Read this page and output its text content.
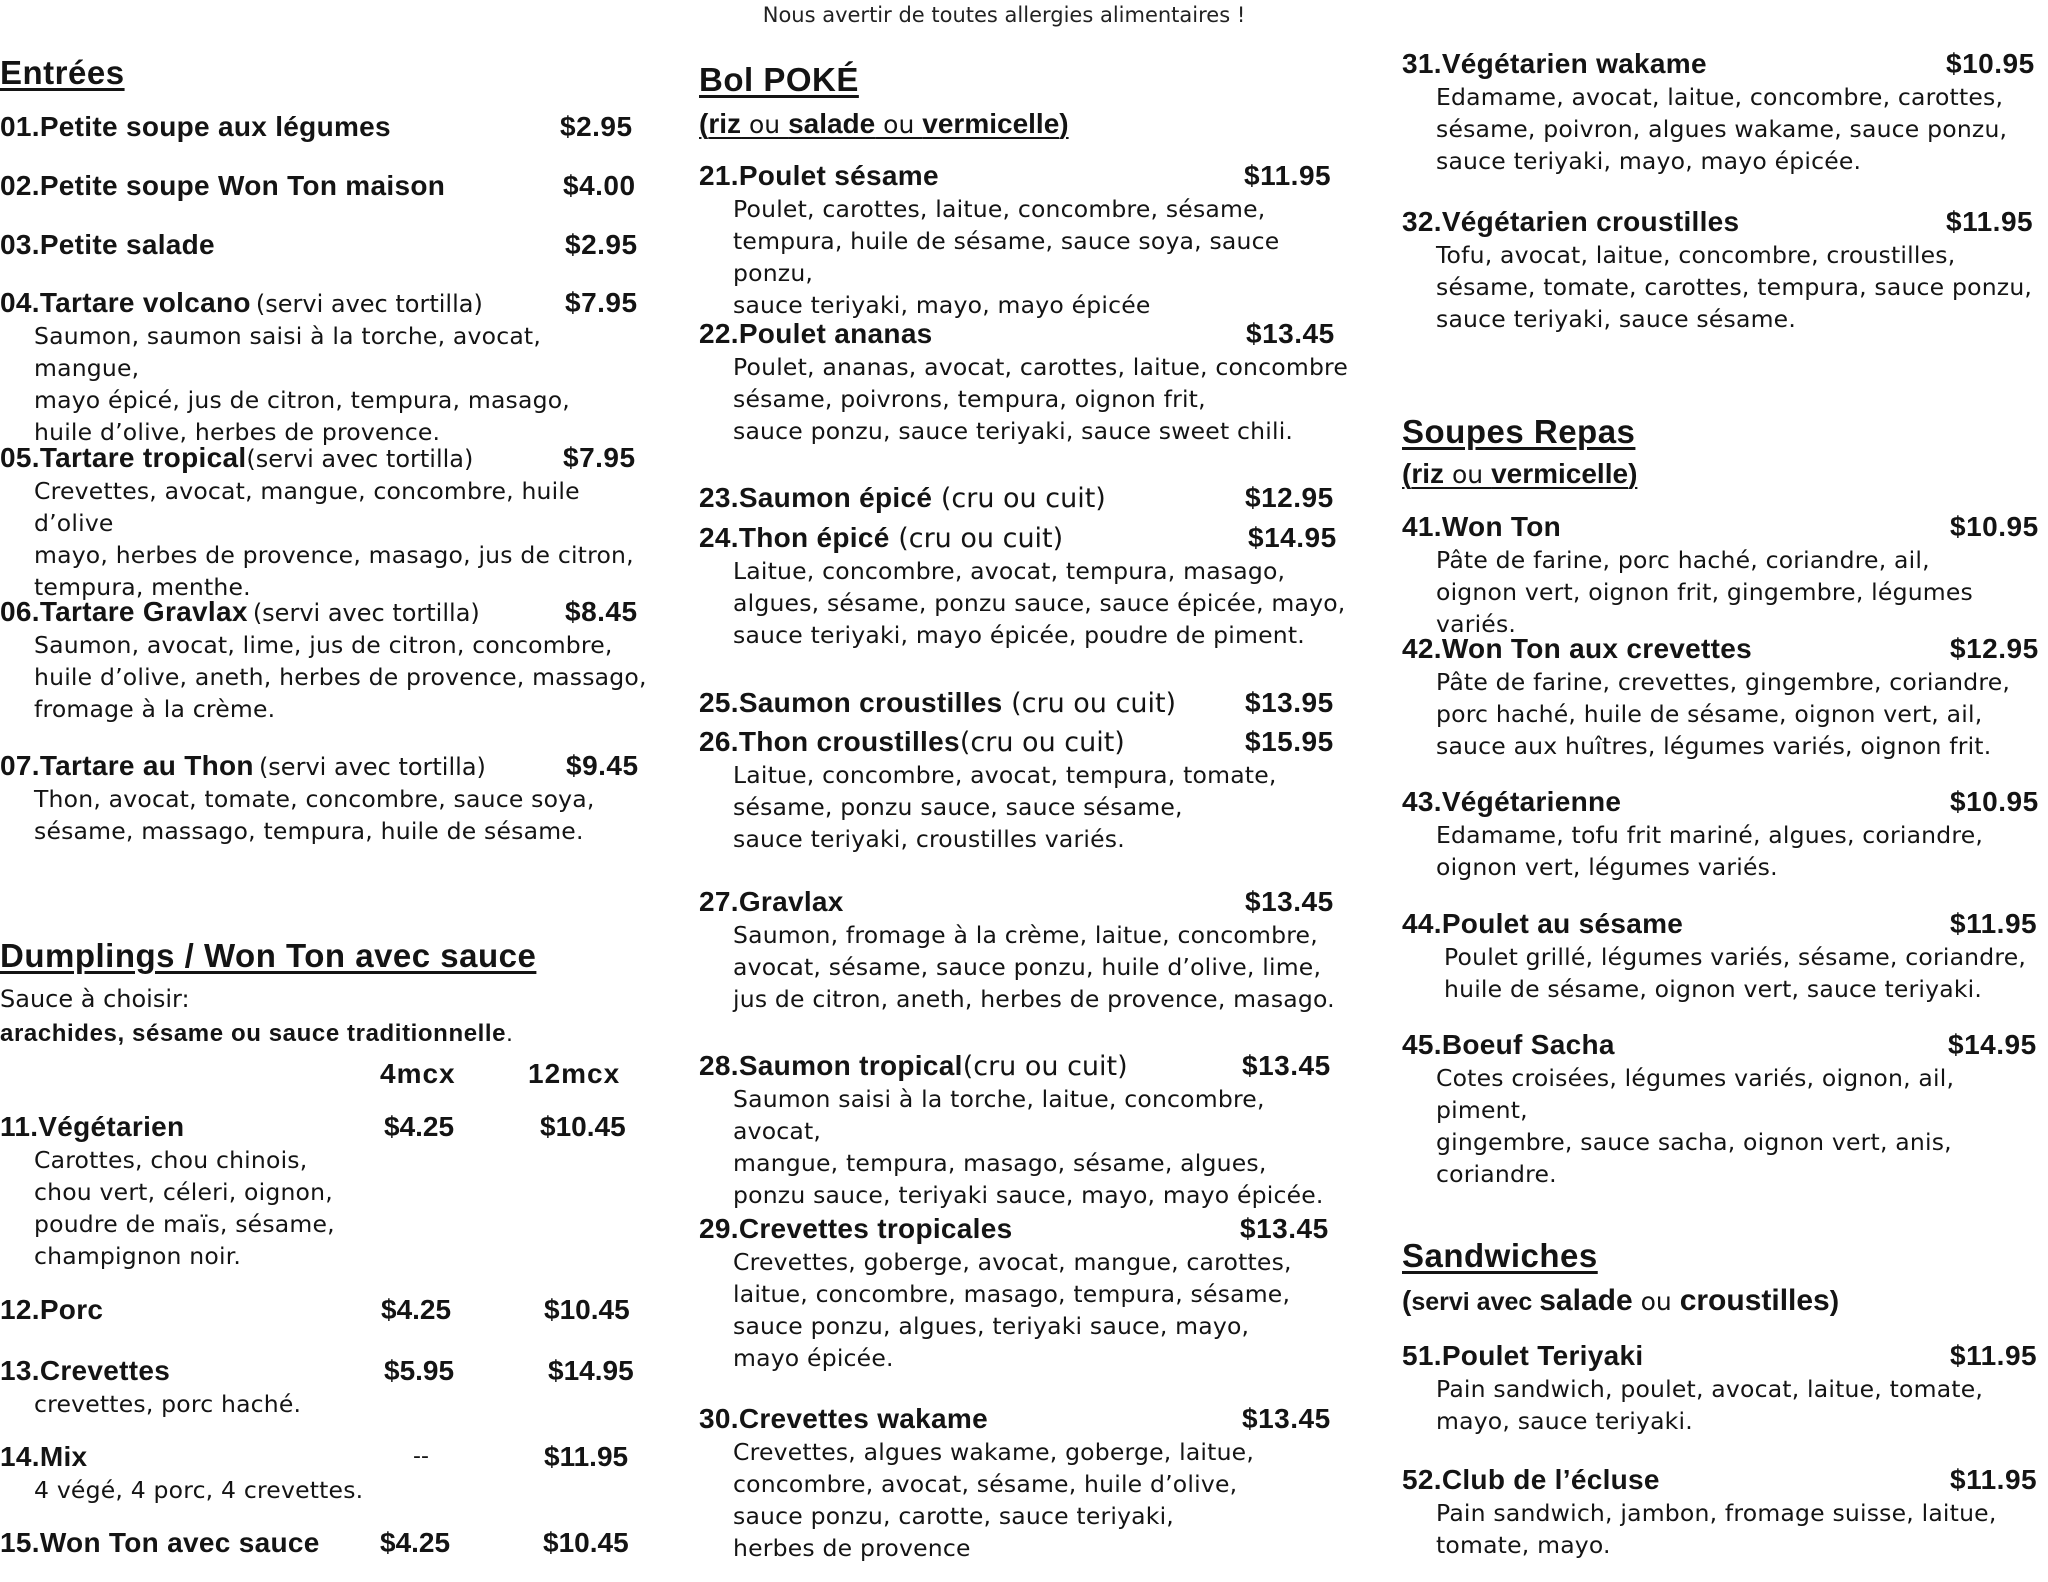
Nous avertir de toutes allergies alimentaires !
Entrées
01.Petite soupe aux légumes	$2.95
02.Petite soupe Won Ton maison	$4.00
03.Petite salade	$2.95
04.Tartare volcano (servi avec tortilla)	$7.95
Saumon, saumon saisi à la torche, avocat, mangue,
mayo épicé, jus de citron, tempura, masago,
huile d’olive, herbes de provence.
05.Tartare tropical(servi avec tortilla)	$7.95
Crevettes, avocat, mangue, concombre, huile d’olive
mayo, herbes de provence, masago, jus de citron,
tempura, menthe.
06.Tartare Gravlax (servi avec tortilla)	$8.45
Saumon, avocat, lime, jus de citron, concombre,
huile d’olive, aneth, herbes de provence, massago,
fromage à la crème.
07.Tartare au Thon (servi avec tortilla)	$9.45
Thon, avocat, tomate, concombre, sauce soya,
sésame, massago, tempura, huile de sésame.
Dumplings / Won Ton avec sauce
Sauce à choisir:
arachides, sésame ou sauce traditionnelle.
4mcx	12mcx
11.Végétarien	$4.25	$10.45
Carottes, chou chinois,
chou vert, céleri, oignon,
poudre de maïs, sésame,
champignon noir.
12.Porc	$4.25	$10.45
13.Crevettes	$5.95	$14.95
crevettes, porc haché.
14.Mix	--	$11.95
4 végé, 4 porc, 4 crevettes.
15.Won Ton avec sauce $4.25	$10.45
Bol POKÉ
(riz ou salade ou vermicelle)
21.Poulet sésame	$11.95
Poulet, carottes, laitue, concombre, sésame,
tempura, huile de sésame, sauce soya, sauce ponzu,
sauce teriyaki, mayo, mayo épicée
22.Poulet ananas	$13.45
Poulet, ananas, avocat, carottes, laitue, concombre
sésame, poivrons, tempura, oignon frit,
sauce ponzu, sauce teriyaki, sauce sweet chili.
23.Saumon épicé (cru ou cuit)	$12.95
24.Thon épicé (cru ou cuit)	$14.95
Laitue, concombre, avocat, tempura, masago,
algues, sésame, ponzu sauce, sauce épicée, mayo,
sauce teriyaki, mayo épicée, poudre de piment.
25.Saumon croustilles (cru ou cuit) $13.95
26.Thon croustilles(cru ou cuit)	$15.95
Laitue, concombre, avocat, tempura, tomate,
sésame, ponzu sauce, sauce sésame,
sauce teriyaki, croustilles variés.
27.Gravlax	$13.45
Saumon, fromage à la crème, laitue, concombre,
avocat, sésame, sauce ponzu, huile d’olive, lime,
jus de citron, aneth, herbes de provence, masago.
28.Saumon tropical(cru ou cuit)	$13.45
Saumon saisi à la torche, laitue, concombre, avocat,
mangue, tempura, masago, sésame, algues,
ponzu sauce, teriyaki sauce, mayo, mayo épicée.
29.Crevettes tropicales	$13.45
Crevettes, goberge, avocat, mangue, carottes,
laitue, concombre, masago, tempura, sésame,
sauce ponzu, algues, teriyaki sauce, mayo,
mayo épicée.
30.Crevettes wakame	$13.45
Crevettes, algues wakame, goberge, laitue,
concombre, avocat, sésame, huile d’olive,
sauce ponzu, carotte, sauce teriyaki,
herbes de provence
31.Végétarien wakame	$10.95
Edamame, avocat, laitue, concombre, carottes,
sésame, poivron, algues wakame, sauce ponzu,
sauce teriyaki, mayo, mayo épicée.
32.Végétarien croustilles	$11.95
Tofu, avocat, laitue, concombre, croustilles,
sésame, tomate, carottes, tempura, sauce ponzu,
sauce teriyaki, sauce sésame.
Soupes Repas
(riz ou vermicelle)
41.Won Ton	$10.95
Pâte de farine, porc haché, coriandre, ail,
oignon vert, oignon frit, gingembre, légumes variés.
42.Won Ton aux crevettes	$12.95
Pâte de farine, crevettes, gingembre, coriandre,
porc haché, huile de sésame, oignon vert, ail,
sauce aux huîtres, légumes variés, oignon frit.
43.Végétarienne	$10.95
Edamame, tofu frit mariné, algues, coriandre,
oignon vert, légumes variés.
44.Poulet au sésame	$11.95
Poulet grillé, légumes variés, sésame, coriandre,
huile de sésame, oignon vert, sauce teriyaki.
45.Boeuf Sacha	$14.95
Cotes croisées, légumes variés, oignon, ail, piment,
gingembre, sauce sacha, oignon vert, anis,
coriandre.
Sandwiches
(servi avec salade ou croustilles)
51.Poulet Teriyaki	$11.95
Pain sandwich, poulet, avocat, laitue, tomate,
mayo, sauce teriyaki.
52.Club de l’écluse	$11.95
Pain sandwich, jambon, fromage suisse, laitue,
tomate, mayo.
